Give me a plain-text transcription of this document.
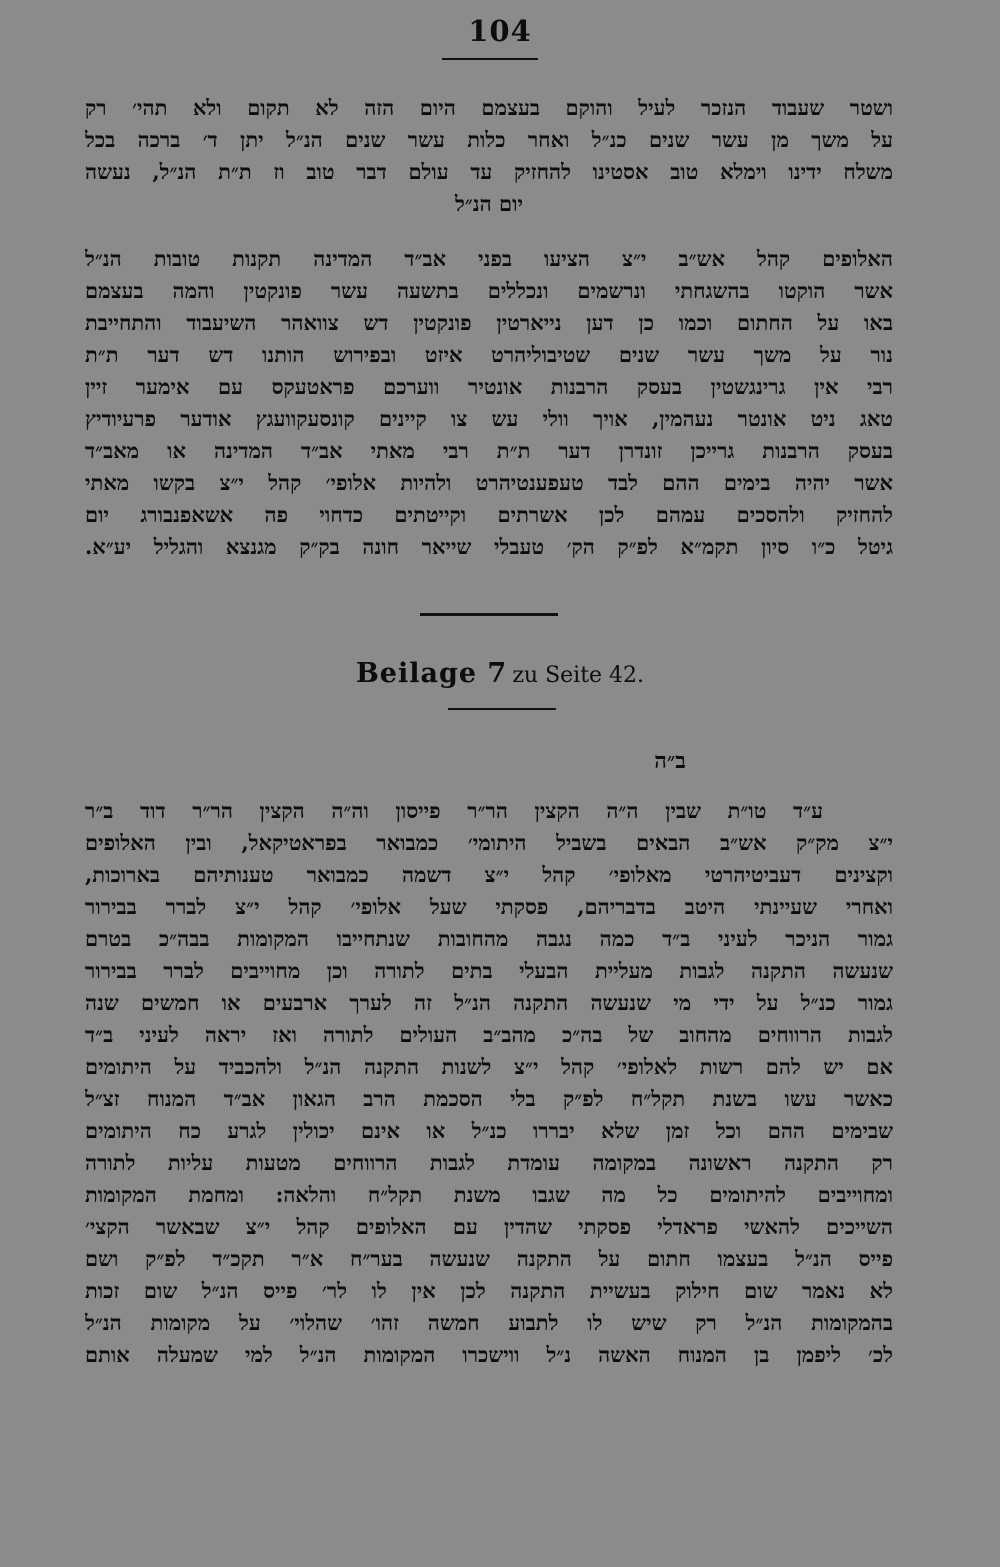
104
ושטר שעבוד הנזכר לעיל והוקם בעצמם היום הזה לא תקום ולא תהי׳ רק
על משך מן עשר שנים כנ״ל ואחר כלות עשר שנים הנ״ל יתן ד׳ ברכה בכל
משלח ידינו וימלא טוב אסטינו להחזיק עד עולם דבר טוב וז ת״ת הנ״ל, נעשה
יום הנ״ל
האלופים קהל אש״ב י״צ הציעו בפני אב״ד המדינה תקנות טובות הנ״ל
אשר הוקטו בהשגחתי ונרשמים ונכללים בתשעה עשר פונקטין והמה בעצמם
באו על החתום וכמו כן דען נייארטין פונקטין דש צוואהר השיעבוד והתחייבת
נור על משך עשר שנים שטיבוליהרט איזט ובפירוש הותנו דש דער ת״ת
רבי אין גרינגשטין בעסק הרבנות אונטיר ווערכם פראטעקס עם אימער זיין
טאג ניט אונטר נעהמין, אויך וולי עש צו קיינים קונסעקוועגץ אודער פרעיודיץ
בעסק הרבנות גרייכן זונדרן דער ת״ת רבי מאתי אב״ד המדינה או מאב״ד
אשר יהיה בימים ההם לבד טעפענטיהרט ולהיות אלופי׳ קהל י״צ בקשו מאתי
להחזיק ולהסכים עמהם לכן אשרתים וקייטתים כדחוי פה אשאפנבורג יום
גיטל כ״ו סיון תקמ״א לפ״ק הק׳ טעבלי שייאר חונה בק״ק מגנצא והגליל יע״א.
Beilage 7 zu Seite 42.
ב״ה
ע״ד טו״ת שבין ה״ה הקצין הר״ר פייסון וה״ה הקצין הר״ר דוד ב״ר
י״צ מק״ק אש״ב הבאים בשביל היתומי׳ כמבואר בפראטיקאל, ובין האלופים
וקצינים דעביטיהרטי מאלופי׳ קהל י״צ דשמה כמבואר טענותיהם בארוכות,
ואחרי שעיינתי היטב בדבריהם, פסקתי שעל אלופי׳ קהל י״צ לברר בבירור
גמור הניכר לעיני ב״ד כמה נגבה מהחובות שנתחייבו המקומות בבה״כ בטרם
שנעשה התקנה לגבות מעליית הבעלי בתים לתורה וכן מחוייבים לברר בבירור
גמור כנ״ל על ידי מי שנעשה התקנה הנ״ל זה לערך ארבעים או חמשים שנה
לגבות הרווחים מהחוב של בה״כ מהב״ב העולים לתורה ואז יראה לעיני ב״ד
אם יש להם רשות לאלופי׳ קהל י״צ לשנות התקנה הנ״ל ולהכביד על היתומים
כאשר עשו בשנת תקל״ח לפ״ק בלי הסכמת הרב הגאון אב״ד המנוח זצ״ל
שבימים ההם וכל זמן שלא יבררו כנ״ל או אינם יכולין לגרע כח היתומים
רק התקנה ראשונה במקומה עומדת לגבות הרווחים מטעות עליות לתורה
ומחוייבים להיתומים כל מה שגבו משנת תקל״ח והלאה: ומחמת המקומות
השייכים להאשי פראדלי פסקתי שהדין עם האלופים קהל י״צ שבאשר הקצי׳
פייס הנ״ל בעצמו חתום על התקנה שנעשה בער״ח א״ר תקכ״ד לפ״ק ושם
לא נאמר שום חילוק בעשיית התקנה לכן אין לו לר׳ פייס הנ״ל שום זכות
בהמקומות הנ״ל רק שיש לו לתבוע חמשה זהו׳ שהלוי׳ על מקומות הנ״ל
לכ׳ ליפמן בן המנוח האשה נ״ל ווישכרו המקומות הנ״ל למי שמעלה אותם
